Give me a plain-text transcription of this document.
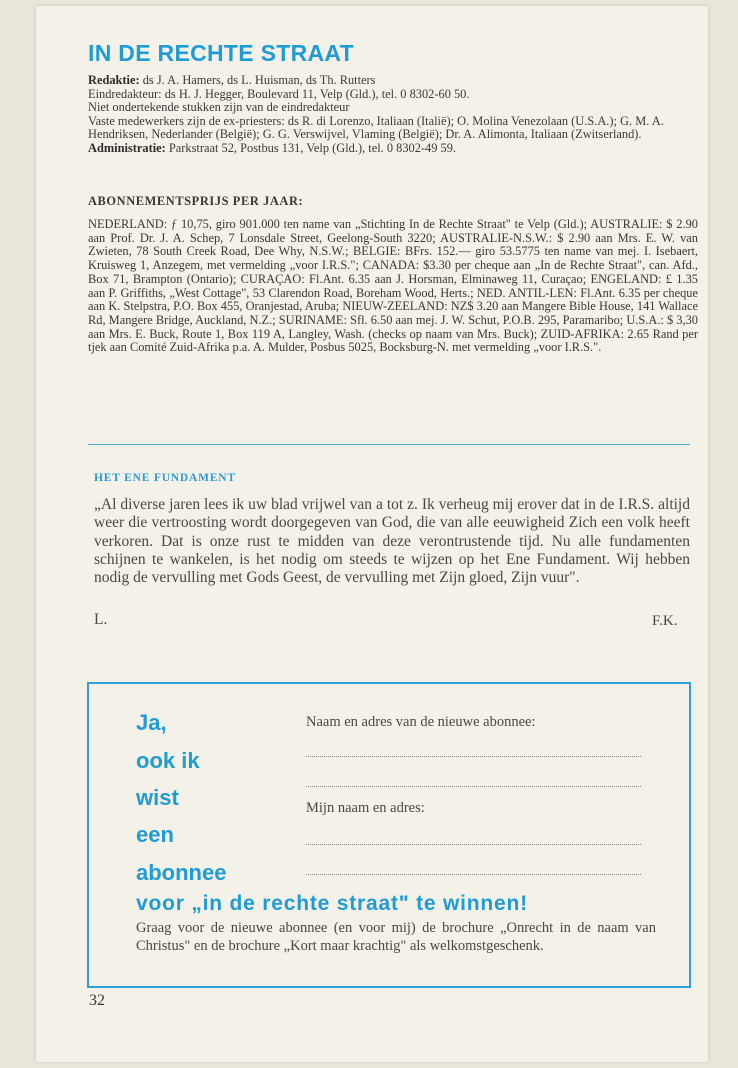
IN DE RECHTE STRAAT

Redaktie: ds J. A. Hamers, ds L. Huisman, ds Th. Rutters

Eindredakteur: ds H. J. Hegger, Boulevard 11, Velp (Gld.), tel. 0 8302-60 50.

Niet ondertekende stukken zijn van de eindredakteur

Vaste medewerkers zijn de ex-priesters: ds R. di Lorenzo, Italiaan (Italië); O. Molina Venezolaan (U.S.A.); G. M. A. Hendriksen, Nederlander (België); G. G. Verswijvel, Vlaming (België); Dr. A. Alimonta, Italiaan (Zwitserland).

Administratie: Parkstraat 52, Postbus 131, Velp (Gld.), tel. 0 8302-49 59.

ABONNEMENTSPRIJS PER JAAR:
NEDERLAND: ƒ 10,75, giro 901.000 ten name van „Stichting In de Rechte Straat" te Velp (Gld.); AUSTRALIE: $ 2.90 aan Prof. Dr. J. A. Schep, 7 Lonsdale Street, Geelong-South 3220; AUSTRALIE-N.S.W.: $ 2.90 aan Mrs. E. W. van Zwieten, 78 South Creek Road, Dee Why, N.S.W.; BELGIE: BFrs. 152.— giro 53.5775 ten name van mej. I. Isebaert, Kruisweg 1, Anzegem, met vermelding „voor I.R.S."; CANADA: $3.30 per cheque aan „In de Rechte Straat", can. Afd., Box 71, Brampton (Ontario); CURAÇAO: Fl.Ant. 6.35 aan J. Horsman, Elminaweg 11, Curaçao; ENGELAND: £ 1.35 aan P. Griffiths, „West Cottage", 53 Clarendon Road, Boreham Wood, Herts.; NED. ANTIL-LEN: Fl.Ant. 6.35 per cheque aan K. Stelpstra, P.O. Box 455, Oranjestad, Aruba; NIEUW-ZEELAND: NZ$ 3.20 aan Mangere Bible House, 141 Wallace Rd, Mangere Bridge, Auckland, N.Z.; SURINAME: Sfl. 6.50 aan mej. J. W. Schut, P.O.B. 295, Paramaribo; U.S.A.: $ 3,30 aan Mrs. E. Buck, Route 1, Box 119 A, Langley, Wash. (checks op naam van Mrs. Buck); ZUID-AFRIKA: 2.65 Rand per tjek aan Comité Zuid-Afrika p.a. A. Mulder, Posbus 5025, Bocksburg-N. met vermelding „voor I.R.S.".
HET ENE FUNDAMENT
„Al diverse jaren lees ik uw blad vrijwel van a tot z. Ik verheug mij erover dat in de I.R.S. altijd weer die vertroosting wordt doorgegeven van God, die van alle eeuwigheid Zich een volk heeft verkoren. Dat is onze rust te midden van deze verontrustende tijd. Nu alle fundamenten schijnen te wankelen, is het nodig om steeds te wijzen op het Ene Fundament. Wij hebben nodig de vervulling met Gods Geest, de vervulling met Zijn gloed, Zijn vuur".
L.	F.K.
Ja,
ook ik
wist
een
Naam en adres van de nieuwe abonnee:
Mijn naam en adres:
abonnee
voor „in de rechte straat" te winnen!
Graag voor de nieuwe abonnee (en voor mij) de brochure „Onrecht in de naam van Christus" en de brochure „Kort maar krachtig" als welkomstgeschenk.
32
